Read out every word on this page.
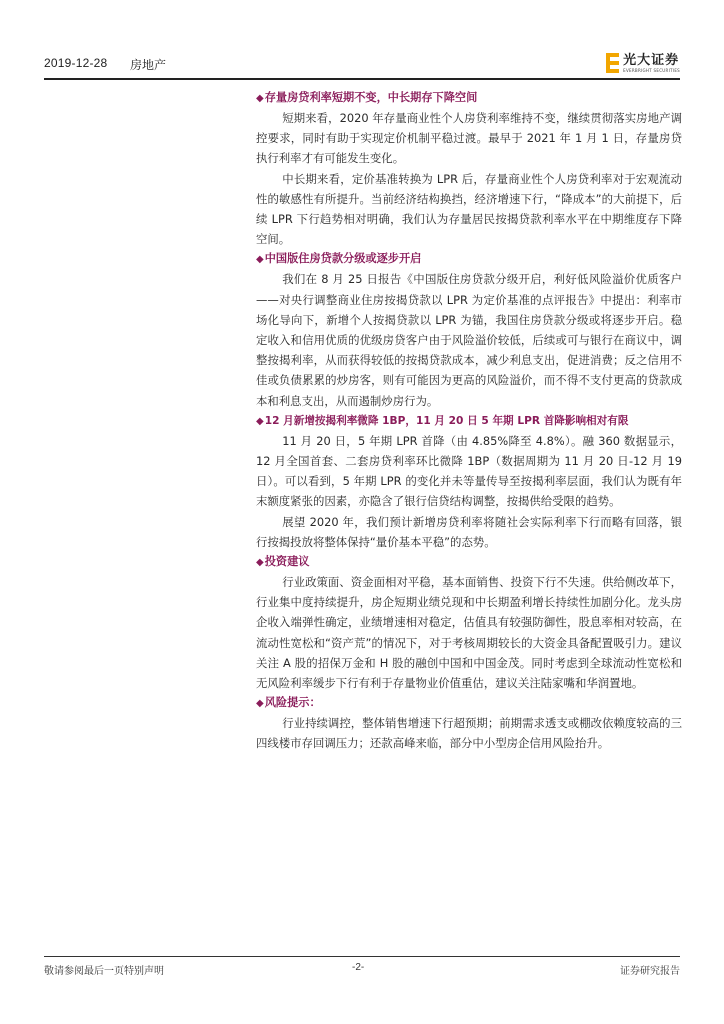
2019-12-28 房地产	光大证券
EVERBRIGHT SECURITIES
◆存量房贷利率短期不变，中长期存下降空间

短期来看，2020 年存量商业性个人房贷利率维持不变，继续贯彻落实房地产调控要求，同时有助于实现定价机制平稳过渡。最早于 2021 年 1 月 1 日，存量房贷执行利率才有可能发生变化。

中长期来看，定价基准转换为 LPR 后，存量商业性个人房贷利率对于宏观流动性的敏感性有所提升。当前经济结构换挡，经济增速下行，“降成本”的大前提下，后续 LPR 下行趋势相对明确，我们认为存量居民按揭贷款利率水平在中期维度存下降空间。

◆中国版住房贷款分级或逐步开启

我们在 8 月 25 日报告《中国版住房贷款分级开启，利好低风险溢价优质客户——对央行调整商业住房按揭贷款以 LPR 为定价基准的点评报告》中提出：利率市场化导向下，新增个人按揭贷款以 LPR 为锚，我国住房贷款分级或将逐步开启。稳定收入和信用优质的优级房贷客户由于风险溢价较低，后续或可与银行在商议中，调整按揭利率，从而获得较低的按揭贷款成本，减少利息支出，促进消费；反之信用不佳或负债累累的炒房客，则有可能因为更高的风险溢价，而不得不支付更高的贷款成本和利息支出，从而遏制炒房行为。

◆12 月新增按揭利率微降 1BP，11 月 20 日 5 年期 LPR 首降影响相对有限

11 月 20 日，5 年期 LPR 首降（由 4.85%降至 4.8%）。融 360 数据显示，12 月全国首套、二套房贷利率环比微降 1BP（数据周期为 11 月 20 日-12 月 19 日）。可以看到，5 年期 LPR 的变化并未等量传导至按揭利率层面，我们认为既有年末额度紧张的因素，亦隐含了银行信贷结构调整，按揭供给受限的趋势。

展望 2020 年，我们预计新增房贷利率将随社会实际利率下行而略有回落，银行按揭投放将整体保持“量价基本平稳”的态势。

◆投资建议

行业政策面、资金面相对平稳，基本面销售、投资下行不失速。供给侧改革下，行业集中度持续提升，房企短期业绩兑现和中长期盈利增长持续性加剧分化。龙头房企收入端弹性确定，业绩增速相对稳定，估值具有较强防御性，股息率相对较高，在流动性宽松和“资产荒”的情况下，对于考核周期较长的大资金具备配置吸引力。建议关注 A 股的招保万金和 H 股的融创中国和中国金茂。同时考虑到全球流动性宽松和无风险利率缓步下行有利于存量物业价值重估，建议关注陆家嘴和华润置地。

◆风险提示：

行业持续调控，整体销售增速下行超预期；前期需求透支或棚改依赖度较高的三四线楼市存回调压力；还款高峰来临，部分中小型房企信用风险抬升。

敬请参阅最后一页特别声明	-2-	证券研究报告
